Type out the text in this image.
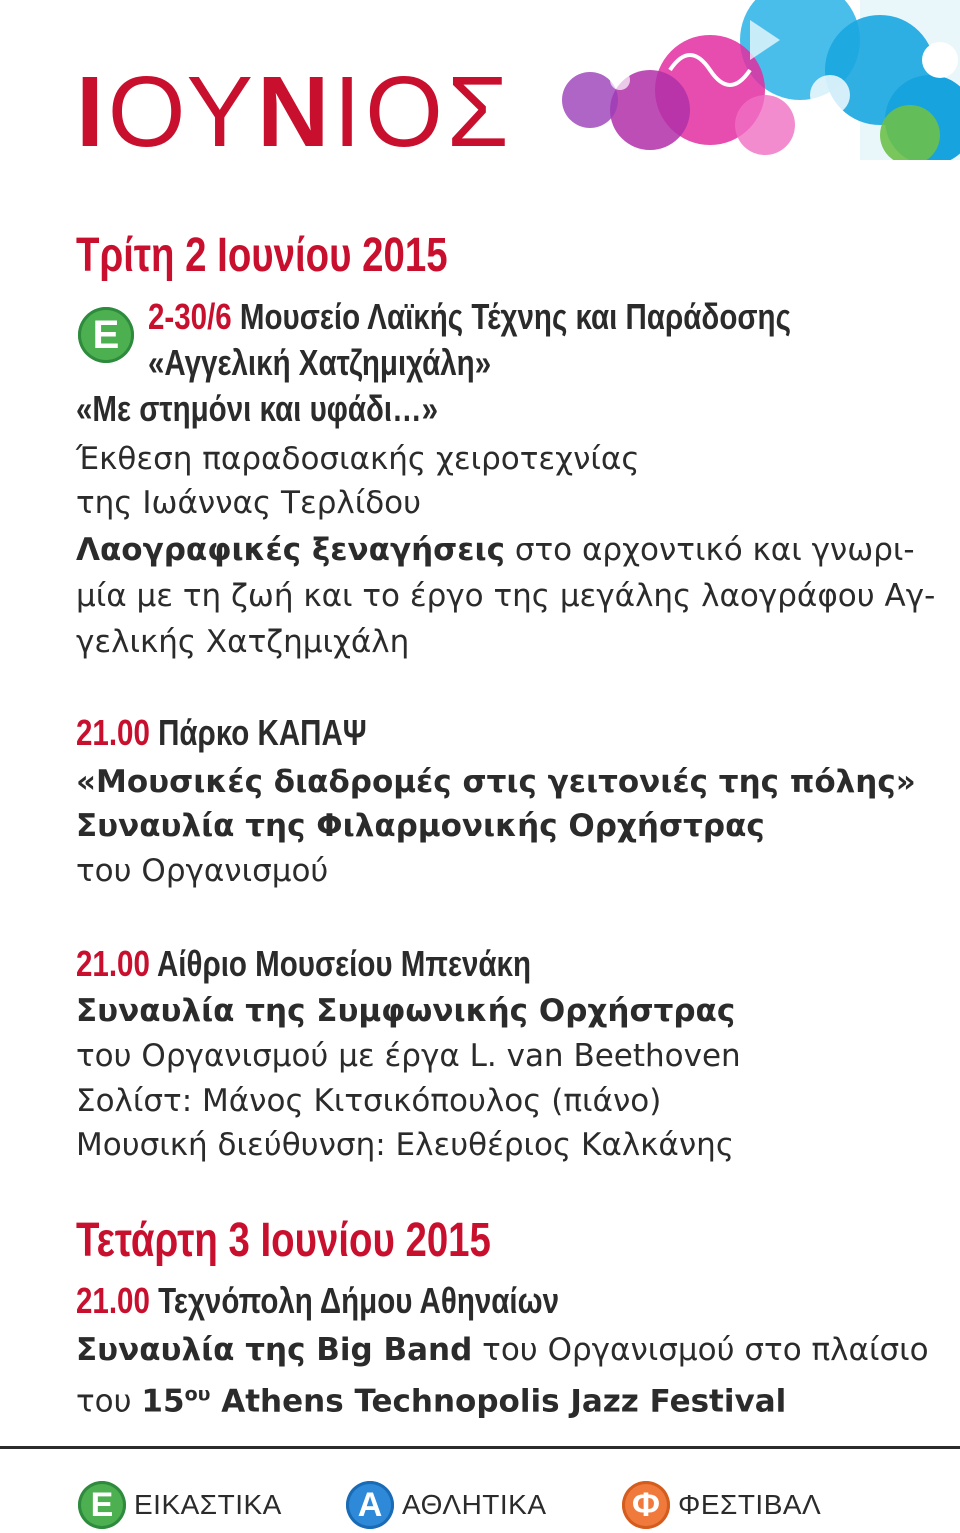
ΙΟΥΝΙΟΣ
Τρίτη 2 Ιουνίου 2015
Ε 2-30/6 Μουσείο Λαϊκής Τέχνης και Παράδοσης
«Αγγελική Χατζημιχάλη»
«Με στημόνι και υφάδι…»
Έκθεση παραδοσιακής χειροτεχνίας
της Ιωάννας Τερλίδου
Λαογραφικές ξεναγήσεις στο αρχοντικό και γνωρι-
μία με τη ζωή και το έργο της μεγάλης λαογράφου Αγ-
γελικής Χατζημιχάλη
21.00 Πάρκο ΚΑΠΑΨ
«Μουσικές διαδρομές στις γειτονιές της πόλης»
Συναυλία της Φιλαρμονικής Ορχήστρας
του Οργανισμού
21.00 Αίθριο Μουσείου Μπενάκη
Συναυλία της Συμφωνικής Ορχήστρας
του Οργανισμού με έργα L. van Beethoven
Σολίστ: Μάνος Κιτσικόπουλος (πιάνο)
Μουσική διεύθυνση: Ελευθέριος Καλκάνης
Τετάρτη 3 Ιουνίου 2015
21.00 Τεχνόπολη Δήμου Αθηναίων
Συναυλία της Big Band του Οργανισμού στο πλαίσιο
του $15^{o\upsilon}$ Athens Technopolis Jazz Festival
Ε ΕΙΚΑΣΤΙΚΑ	Α ΑΘΛΗΤΙΚΑ	Φ ΦΕΣΤΙΒΑΛ
